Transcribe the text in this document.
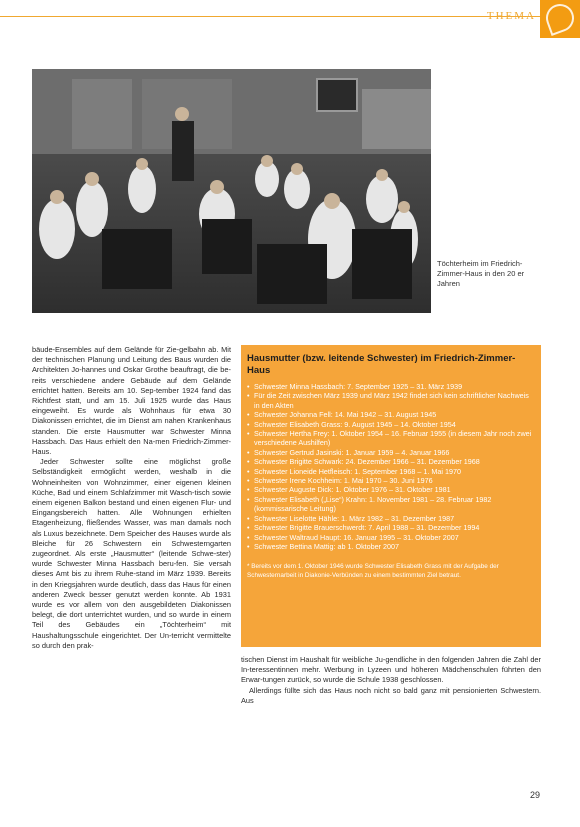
THEMA
Töchterheim im Friedrich-Zimmer-Haus in den 20 er Jahren

bäude-Ensembles auf dem Gelände für Zie-gelbahn ab. Mit der technischen Planung und Leitung des Baus wurden die Architekten Jo-hannes und Oskar Grothe beauftragt, die be-reits verschiedene andere Gebäude auf dem Gelände errichtet hatten. Bereits am 10. Sep-tember 1924 fand das Richtfest statt, und am 15. Juli 1925 wurde das Haus eingeweiht. Es wurde als Wohnhaus für etwa 30 Diakonissen errichtet, die im Dienst am nahen Krankenhaus standen. Die erste Hausmutter war Schwester Minna Hassbach. Das Haus erhielt den Na-men Friedrich-Zimmer-Haus.

Jeder Schwester sollte eine möglichst große Selbständigkeit ermöglicht werden, weshalb in die Wohneinheiten von Wohnzimmer, einer eigenen kleinen Küche, Bad und einem Schlafzimmer mit Wasch-tisch sowie einem eigenen Balkon bestand und einen eigenen Flur- und Eingangsbereich hatten. Alle Wohnungen erhielten Etagenheizung, fließendes Wasser, was man damals noch als Luxus bezeichnete. Dem Speicher des Hauses wurde als Bleiche für 26 Schwestern ein Schwesterngarten zugeordnet. Als erste „Hausmutter“ (leitende Schwe-ster) wurde Schwester Minna Hassbach beru-fen. Sie versah dieses Amt bis zu ihrem Ruhe-stand im März 1939. Bereits in den Kriegsjahren wurde deutlich, dass das Haus für einen anderen Zweck besser genutzt werden konnte. Ab 1931 wurde es vor allem von den ausgebildeten Diakonissen belegt, die dort unterrichtet wurden, und so wurde in einem Teil des Gebäudes ein „Töchterheim“ mit Haushaltungsschule eingerichtet. Der Un-terricht vermittelte so durch den prak-

Hausmutter (bzw. leitende Schwester) im Friedrich-Zimmer-Haus
• Schwester Minna Hassbach: 7. September 1925 – 31. März 1939
• Für die Zeit zwischen März 1939 und März 1942 findet sich kein schriftlicher Nachweis in den Akten
• Schwester Johanna Fell: 14. Mai 1942 – 31. August 1945
• Schwester Elisabeth Grass: 9. August 1945 – 14. Oktober 1954
• Schwester Hertha Frey: 1. Oktober 1954 – 16. Februar 1955 (in diesem Jahr noch zwei verschiedene Aushilfen)
• Schwester Gertrud Jasinski: 1. Januar 1959 – 4. Januar 1966
• Schwester Brigitte Schwark: 24. Dezember 1966 – 31. Dezember 1968
• Schwester Lioneide Hetfleisch: 1. September 1968 – 1. Mai 1970
• Schwester Irene Kochheim: 1. Mai 1970 – 30. Juni 1976
• Schwester Auguste Dick: 1. Oktober 1976 – 31. Oktober 1981
• Schwester Elisabeth („Lise“) Krahn: 1. November 1981 – 28. Februar 1982 (kommissarische Leitung)
• Schwester Liselotte Hähle: 1. März 1982 – 31. Dezember 1987
• Schwester Brigitte Brauerschwerdt: 7. April 1988 – 31. Dezember 1994
• Schwester Waltraud Haupt: 16. Januar 1995 – 31. Oktober 2007
• Schwester Bettina Mattig: ab 1. Oktober 2007
* Bereits vor dem 1. Oktober 1946 wurde Schwester Elisabeth Grass mit der Aufgabe der Schwesternarbeit in Diakonie-Verbünden zu einem bestimmten Ziel betraut.

tischen Dienst im Haushalt für weibliche Ju-gendliche in den folgenden Jahren die Zahl der In-teressentinnen mehr. Werbung in Lyzeen und höheren Mädchenschulen führten den Erwar-tungen zurück, so wurde die Schule 1938 geschlossen.

Allerdings füllte sich das Haus noch nicht so bald ganz mit pensionierten Schwestern. Aus

29
